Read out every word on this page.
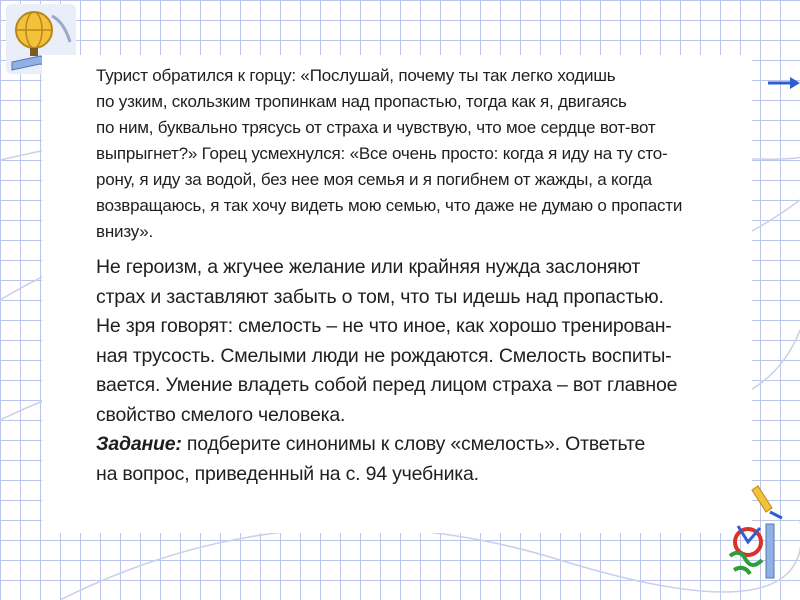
Турист обратился к горцу: «Послушай, почему ты так легко ходишь
по узким, скользким тропинкам над пропастью, тогда как я, двигаясь
по ним, буквально трясусь от страха и чувствую, что мое сердце вот-вот
выпрыгнет?» Горец усмехнулся: «Все очень просто: когда я иду на ту сто-
рону, я иду за водой, без нее моя семья и я погибнем от жажды, а когда
возвращаюсь, я так хочу видеть мою семью, что даже не думаю о пропасти
внизу».

Не героизм, а жгучее желание или крайняя нужда заслоняют
страх и заставляют забыть о том, что ты идешь над пропастью.
Не зря говорят: смелость – не что иное, как хорошо тренирован-
ная трусость. Смелыми люди не рождаются. Смелость воспиты-
вается. Умение владеть собой перед лицом страха – вот главное
свойство смелого человека.

Задание: подберите синонимы к слову «смелость». Ответьте
на вопрос, приведенный на с. 94 учебника.
